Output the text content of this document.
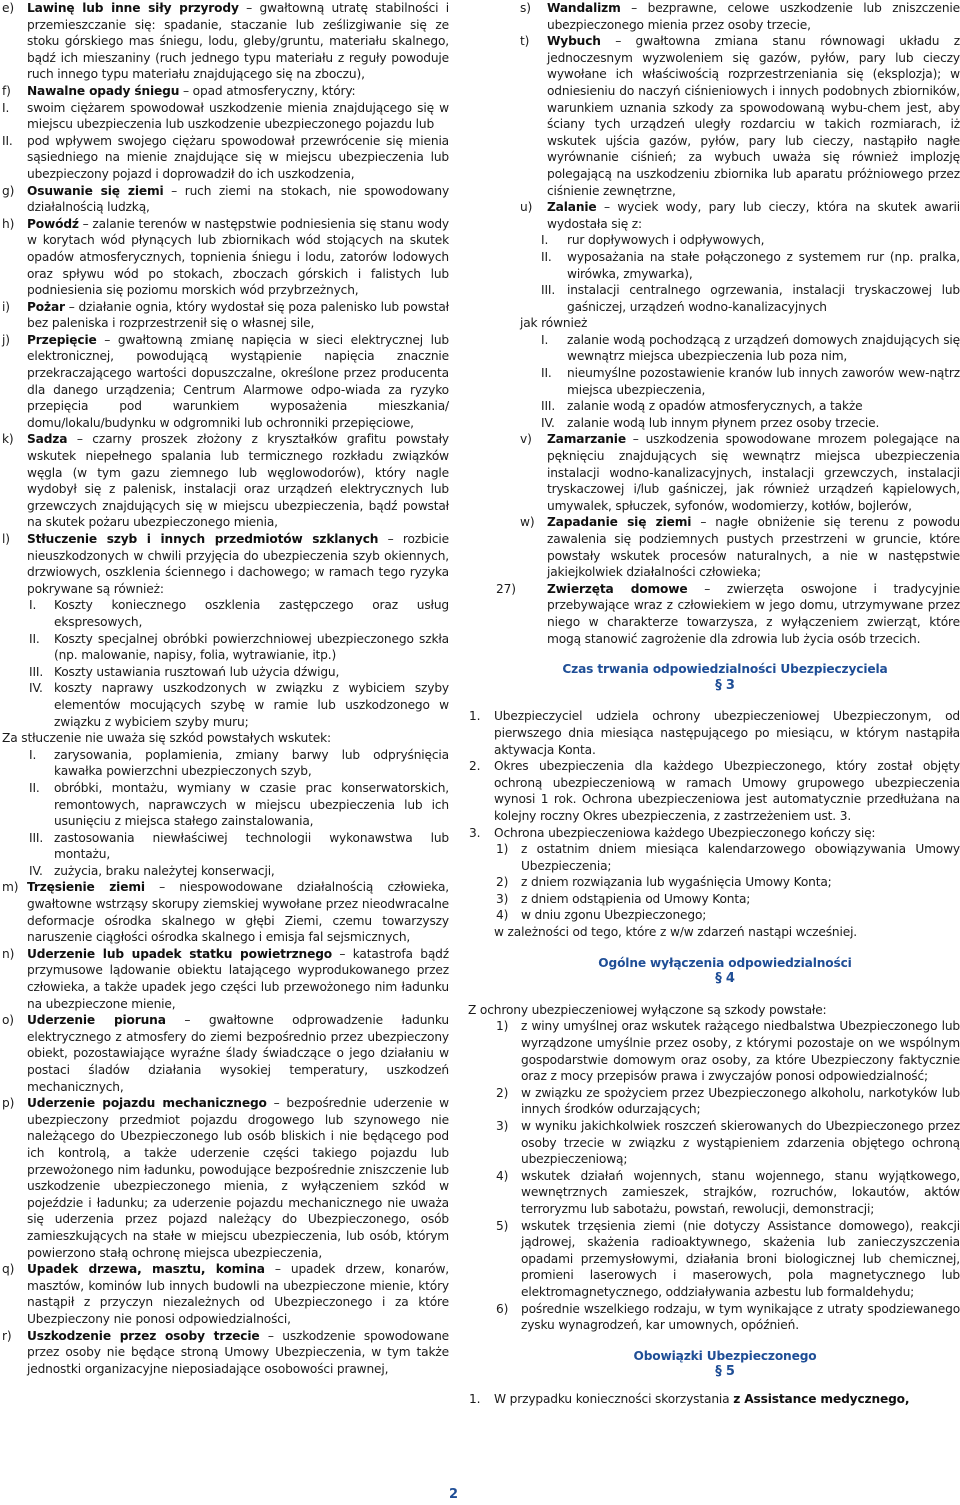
e) Lawinę lub inne siły przyrody – gwałtowną utratę stabilności i przemieszczanie się: spadanie, staczanie lub ześlizgiwanie się ze stoku górskiego mas śniegu, lodu, gleby/gruntu, materiału skalnego, bądź ich mieszaniny (ruch jednego typu materiału z reguły powoduje ruch innego typu materiału znajdującego się na zboczu),

f) Nawalne opady śniegu – opad atmosferyczny, który:

I. swoim ciężarem spowodował uszkodzenie mienia znajdującego się w miejscu ubezpieczenia lub uszkodzenie ubezpieczonego pojazdu lub

II. pod wpływem swojego ciężaru spowodował przewrócenie się mienia sąsiedniego na mienie znajdujące się w miejscu ubezpieczenia lub ubezpieczony pojazd i doprowadził do ich uszkodzenia,

g) Osuwanie się ziemi – ruch ziemi na stokach, nie spowodowany działalnością ludzką,

h) Powódź – zalanie terenów w następstwie podniesienia się stanu wody w korytach wód płynących lub zbiornikach wód stojących na skutek opadów atmosferycznych, topnienia śniegu i lodu, zatorów lodowych oraz spływu wód po stokach, zboczach górskich i falistych lub podniesienia się poziomu morskich wód przybrzeżnych,

i) Pożar – działanie ognia, który wydostał się poza palenisko lub powstał bez paleniska i rozprzestrzenił się o własnej sile,

j) Przepięcie – gwałtowną zmianę napięcia w sieci elektrycznej lub elektronicznej, powodującą wystąpienie napięcia znacznie przekraczającego wartości dopuszczalne, określone przez producenta dla danego urządzenia; Centrum Alarmowe odpo-wiada za ryzyko przepięcia pod warunkiem wyposażenia mieszkania/ domu/lokalu/budynku w odgromniki lub ochronniki przepięciowe,

k) Sadza – czarny proszek złożony z kryształków grafitu powstały wskutek niepełnego spalania lub termicznego rozkładu związków węgla (w tym gazu ziemnego lub węglowodorów), który nagle wydobył się z palenisk, instalacji oraz urządzeń elektrycznych lub grzewczych znajdujących się w miejscu ubezpieczenia, bądź powstał na skutek pożaru ubezpieczonego mienia,

l) Stłuczenie szyb i innych przedmiotów szklanych – rozbicie nieuszkodzonych w chwili przyjęcia do ubezpieczenia szyb okiennych, drzwiowych, oszklenia ściennego i dachowego; w ramach tego ryzyka pokrywane są również:

I. Koszty koniecznego oszklenia zastępczego oraz usług ekspresowych,

II. Koszty specjalnej obróbki powierzchniowej ubezpieczonego szkła (np. malowanie, napisy, folia, wytrawianie, itp.)

III. Koszty ustawiania rusztowań lub użycia dźwigu,

IV. koszty naprawy uszkodzonych w związku z wybiciem szyby elementów mocujących szybę w ramie lub uszkodzonego w związku z wybiciem szyby muru;

Za stłuczenie nie uważa się szkód powstałych wskutek:

I. zarysowania, poplamienia, zmiany barwy lub odpryśnięcia kawałka powierzchni ubezpieczonych szyb,

II. obróbki, montażu, wymiany w czasie prac konserwatorskich, remontowych, naprawczych w miejscu ubezpieczenia lub ich usunięciu z miejsca stałego zainstalowania,

III. zastosowania niewłaściwej technologii wykonawstwa lub montażu,

IV. zużycia, braku należytej konserwacji,

m) Trzęsienie ziemi – niespowodowane działalnością człowieka, gwałtowne wstrząsy skorupy ziemskiej wywołane przez nieodwracalne deformacje ośrodka skalnego w głębi Ziemi, czemu towarzyszy naruszenie ciągłości ośrodka skalnego i emisja fal sejsmicznych,

n) Uderzenie lub upadek statku powietrznego – katastrofa bądź przymusowe lądowanie obiektu latającego wyprodukowanego przez człowieka, a także upadek jego części lub przewożonego nim ładunku na ubezpieczone mienie,

o) Uderzenie pioruna – gwałtowne odprowadzenie ładunku elektrycznego z atmosfery do ziemi bezpośrednio przez ubezpieczony obiekt, pozostawiające wyraźne ślady świadczące o jego działaniu w postaci śladów działania wysokiej temperatury, uszkodzeń mechanicznych,

p) Uderzenie pojazdu mechanicznego – bezpośrednie uderzenie w ubezpieczony przedmiot pojazdu drogowego lub szynowego nie należącego do Ubezpieczonego lub osób bliskich i nie będącego pod ich kontrolą, a także uderzenie części takiego pojazdu lub przewożonego nim ładunku, powodujące bezpośrednie zniszczenie lub uszkodzenie ubezpieczonego mienia, z wyłączeniem szkód w pojeździe i ładunku; za uderzenie pojazdu mechanicznego nie uważa się uderzenia przez pojazd należący do Ubezpieczonego, osób zamieszkujących na stałe w miejscu ubezpieczenia, lub osób, którym powierzono stałą ochronę miejsca ubezpieczenia,

q) Upadek drzewa, masztu, komina – upadek drzew, konarów, masztów, kominów lub innych budowli na ubezpieczone mienie, który nastąpił z przyczyn niezależnych od Ubezpieczonego i za które Ubezpieczony nie ponosi odpowiedzialności,

r) Uszkodzenie przez osoby trzecie – uszkodzenie spowodowane przez osoby nie będące stroną Umowy Ubezpieczenia, w tym także jednostki organizacyjne nieposiadające osobowości prawnej,

s) Wandalizm – bezprawne, celowe uszkodzenie lub zniszczenie ubezpieczonego mienia przez osoby trzecie,

t) Wybuch – gwałtowna zmiana stanu równowagi układu z jednoczesnym wyzwoleniem się gazów, pyłów, pary lub cieczy wywołane ich właściwością rozprzestrzeniania się (eksplozja); w odniesieniu do naczyń ciśnieniowych i innych podobnych zbiorników, warunkiem uznania szkody za spowodowaną wybu-chem jest, aby ściany tych urządzeń uległy rozdarciu w takich rozmiarach, iż wskutek ujścia gazów, pyłów, pary lub cieczy, nastąpiło nagłe wyrównanie ciśnień; za wybuch uważa się również implozję polegającą na uszkodzeniu zbiornika lub aparatu próżniowego przez ciśnienie zewnętrzne,

u) Zalanie – wyciek wody, pary lub cieczy, która na skutek awarii wydostała się z:

I. rur dopływowych i odpływowych,

II. wyposażania na stałe połączonego z systemem rur (np. pralka, wirówka, zmywarka),

III. instalacji centralnego ogrzewania, instalacji tryskaczowej lub gaśniczej, urządzeń wodno-kanalizacyjnych

jak również

I. zalanie wodą pochodzącą z urządzeń domowych znajdujących się wewnątrz miejsca ubezpieczenia lub poza nim,

II. nieumyślne pozostawienie kranów lub innych zaworów wew-nątrz miejsca ubezpieczenia,

III. zalanie wodą z opadów atmosferycznych, a także

IV. zalanie wodą lub innym płynem przez osoby trzecie.

v) Zamarzanie – uszkodzenia spowodowane mrozem polegające na pęknięciu znajdujących się wewnątrz miejsca ubezpieczenia instalacji wodno-kanalizacyjnych, instalacji grzewczych, instalacji tryskaczowej i/lub gaśniczej, jak również urządzeń kąpielowych, umywalek, spłuczek, syfonów, wodomierzy, kotłów, bojlerów,

w) Zapadanie się ziemi – nagłe obniżenie się terenu z powodu zawalenia się podziemnych pustych przestrzeni w gruncie, które powstały wskutek procesów naturalnych, a nie w następstwie jakiejkolwiek działalności człowieka;

27)	Zwierzęta domowe – zwierzęta oswojone i tradycyjnie przebywające wraz z człowiekiem w jego domu, utrzymywane przez niego w charakterze towarzysza, z wyłączeniem zwierząt, które mogą stanowić zagrożenie dla zdrowia lub życia osób trzecich.

Czas trwania odpowiedzialności Ubezpieczyciela

§ 3

1. Ubezpieczyciel udziela ochrony ubezpieczeniowej Ubezpieczonym, od pierwszego dnia miesiąca następującego po miesiącu, w którym nastąpiła aktywacja Konta.

2. Okres ubezpieczenia dla każdego Ubezpieczonego, który został objęty ochroną ubezpieczeniową w ramach Umowy grupowego ubezpieczenia wynosi 1 rok. Ochrona ubezpieczeniowa jest automatycznie przedłużana na kolejny roczny Okres ubezpieczenia, z zastrzeżeniem ust. 3.

3. Ochrona ubezpieczeniowa każdego Ubezpieczonego kończy się:

1) z ostatnim dniem miesiąca kalendarzowego obowiązywania Umowy Ubezpieczenia;

2) z dniem rozwiązania lub wygaśnięcia Umowy Konta;

3) z dniem odstąpienia od Umowy Konta;

4) w dniu zgonu Ubezpieczonego;

w zależności od tego, które z w/w zdarzeń nastąpi wcześniej.

Ogólne wyłączenia odpowiedzialności

§ 4

Z ochrony ubezpieczeniowej wyłączone są szkody powstałe:

1) z winy umyślnej oraz wskutek rażącego niedbalstwa Ubezpieczonego lub wyrządzone umyślnie przez osoby, z którymi pozostaje on we wspólnym gospodarstwie domowym oraz osoby, za które Ubezpieczony faktycznie oraz z mocy przepisów prawa i zwyczajów ponosi odpowiedzialność;

2) w związku ze spożyciem przez Ubezpieczonego alkoholu, narkotyków lub innych środków odurzających;

3) w wyniku jakichkolwiek roszczeń skierowanych do Ubezpieczonego przez osoby trzecie w związku z wystąpieniem zdarzenia objętego ochroną ubezpieczeniową;

4) wskutek działań wojennych, stanu wojennego, stanu wyjątkowego, wewnętrznych zamieszek, strajków, rozruchów, lokautów, aktów terroryzmu lub sabotażu, powstań, rewolucji, demonstracji;

5) wskutek trzęsienia ziemi (nie dotyczy Assistance domowego), reakcji jądrowej, skażenia radioaktywnego, skażenia lub zanieczyszczenia opadami przemysłowymi, działania broni biologicznej lub chemicznej, promieni laserowych i maserowych, pola magnetycznego lub elektromagnetycznego, oddziaływania azbestu lub formaldehydu;

6) pośrednie wszelkiego rodzaju, w tym wynikające z utraty spodziewanego zysku wynagrodzeń, kar umownych, opóźnień.

Obowiązki Ubezpieczonego

§ 5

1. W przypadku konieczności skorzystania z Assistance medycznego,

2
